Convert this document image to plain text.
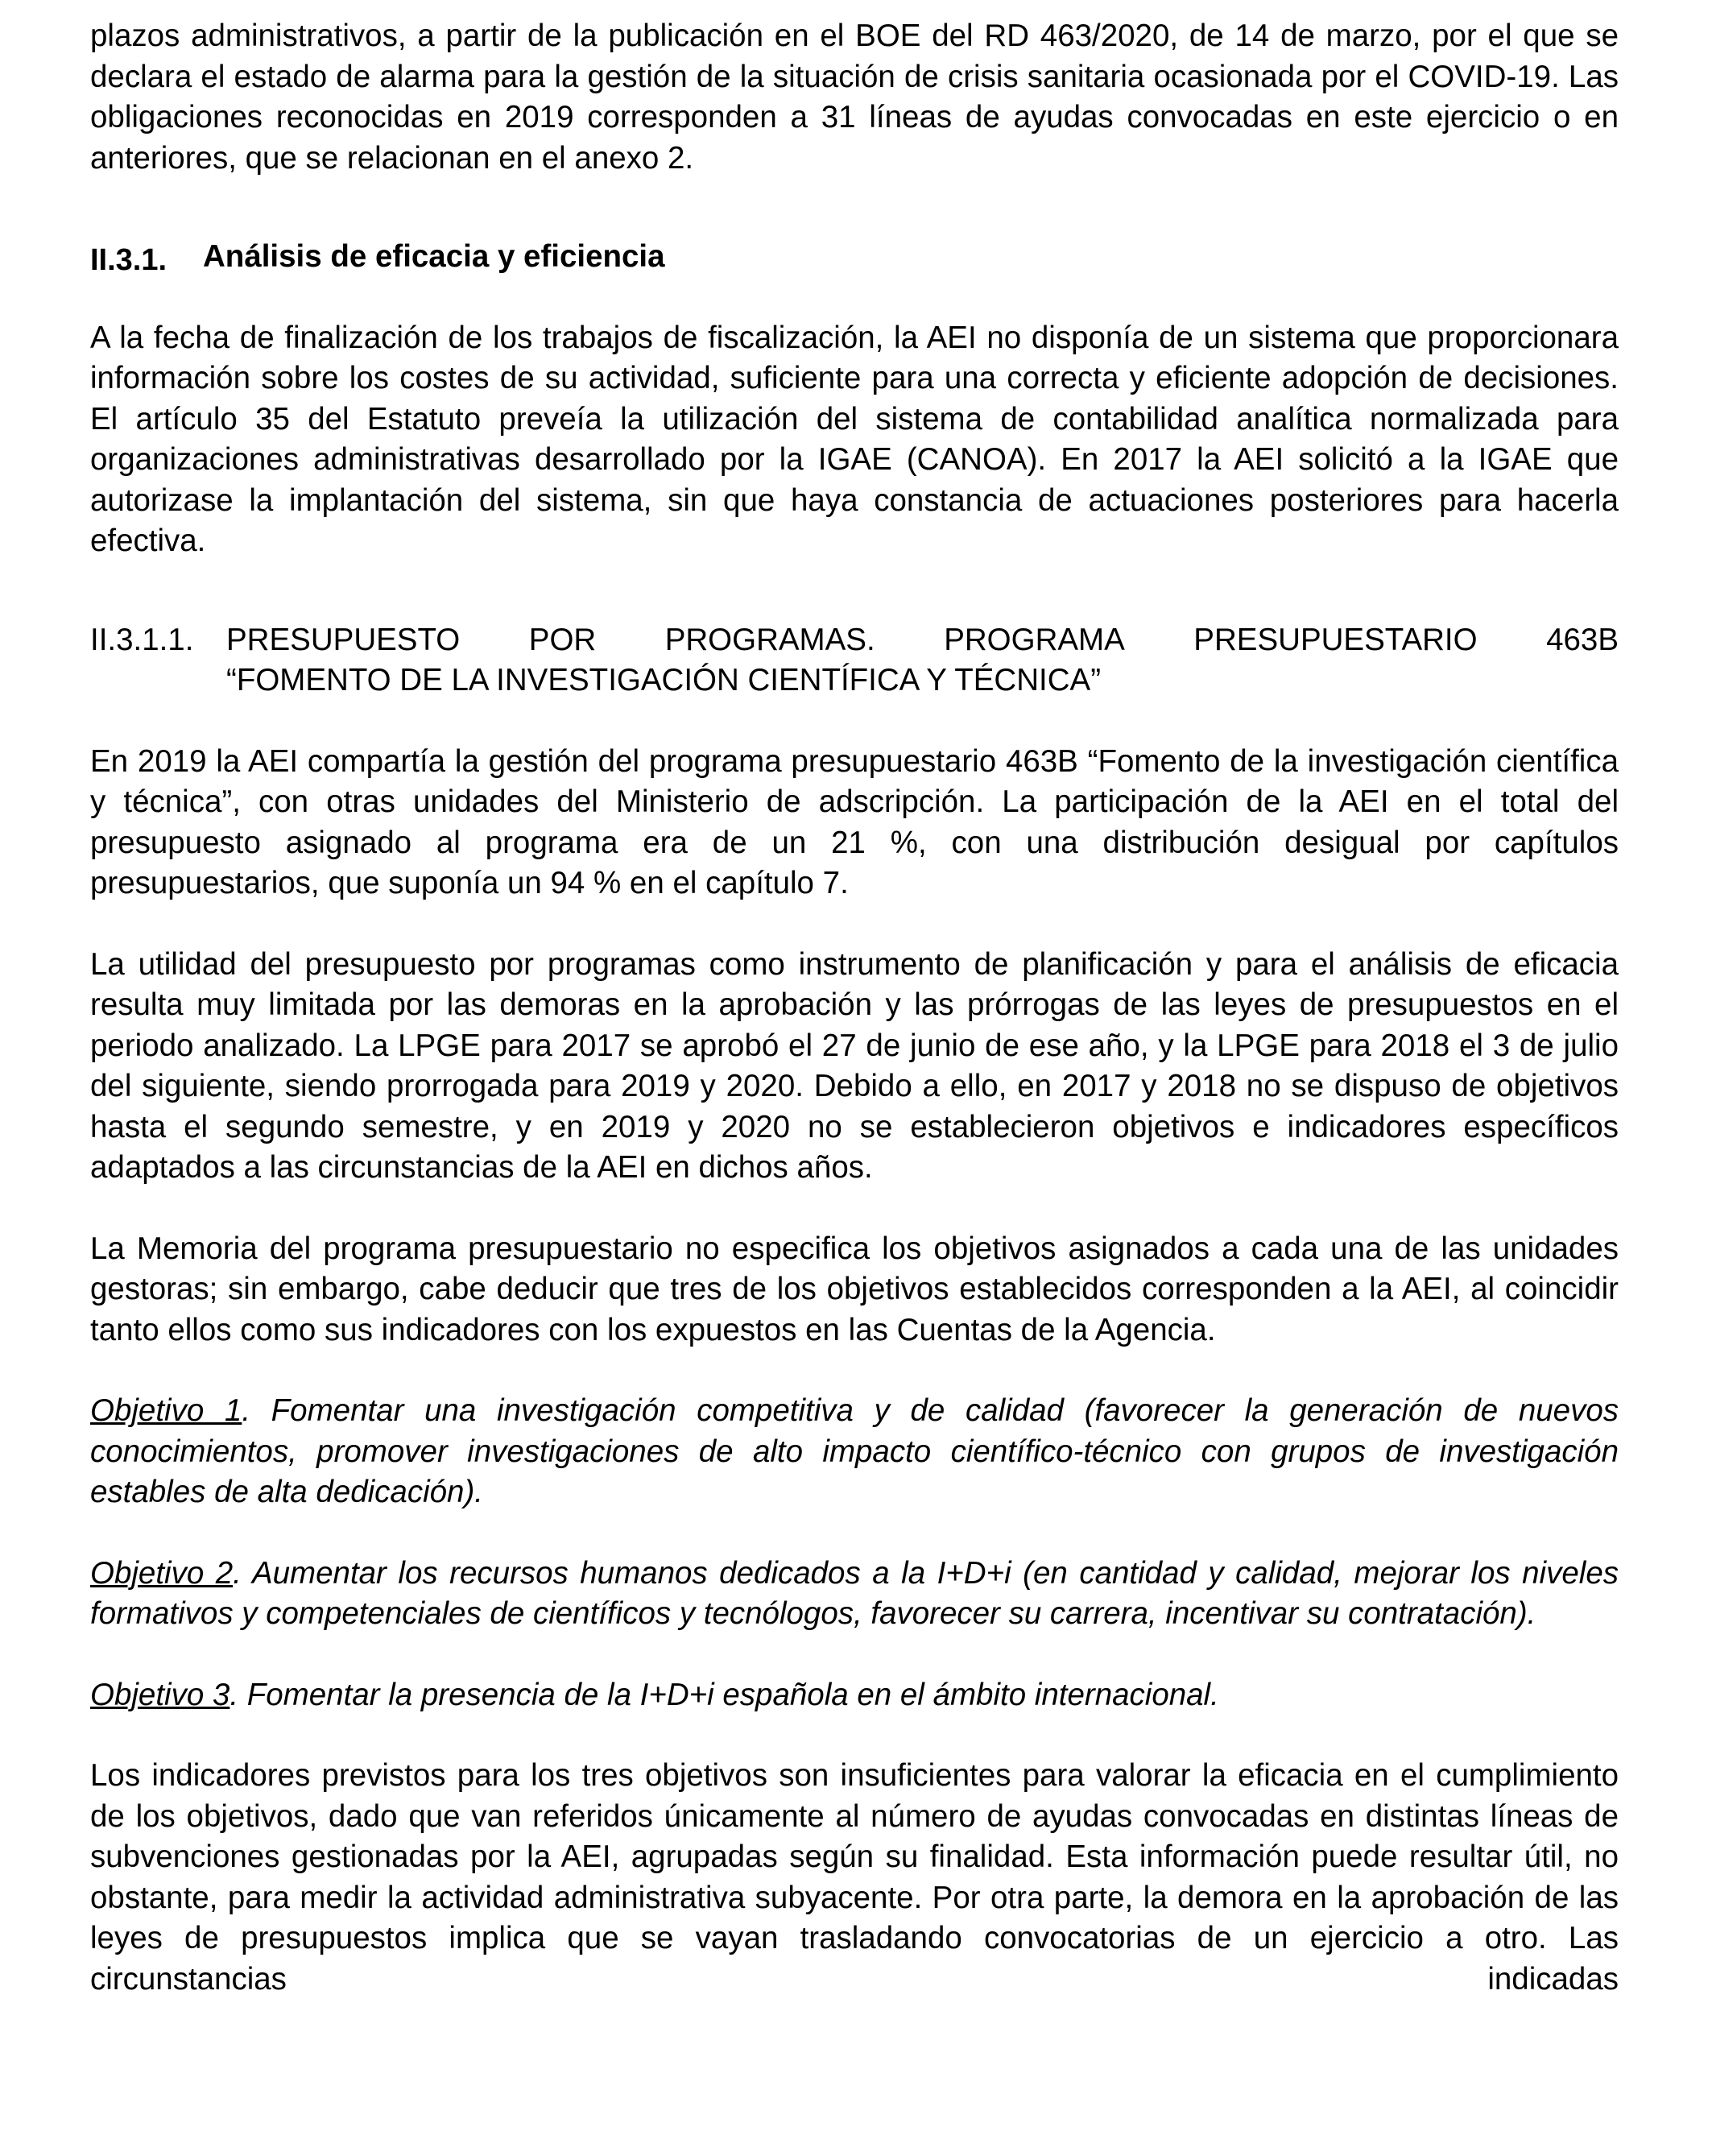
plazos administrativos, a partir de la publicación en el BOE del RD 463/2020, de 14 de marzo, por el que se declara el estado de alarma para la gestión de la situación de crisis sanitaria ocasionada por el COVID-19. Las obligaciones reconocidas en 2019 corresponden a 31 líneas de ayudas convocadas en este ejercicio o en anteriores, que se relacionan en el anexo 2.

II.3.1.	Análisis de eficacia y eficiencia

A la fecha de finalización de los trabajos de fiscalización, la AEI no disponía de un sistema que proporcionara información sobre los costes de su actividad, suficiente para una correcta y eficiente adopción de decisiones. El artículo 35 del Estatuto preveía la utilización del sistema de contabilidad analítica normalizada para organizaciones administrativas desarrollado por la IGAE (CANOA). En 2017 la AEI solicitó a la IGAE que autorizase la implantación del sistema, sin que haya constancia de actuaciones posteriores para hacerla efectiva.

II.3.1.1.	PRESUPUESTO POR PROGRAMAS. PROGRAMA PRESUPUESTARIO 463B
“FOMENTO DE LA INVESTIGACIÓN CIENTÍFICA Y TÉCNICA”

En 2019 la AEI compartía la gestión del programa presupuestario 463B “Fomento de la investigación científica y técnica”, con otras unidades del Ministerio de adscripción. La participación de la AEI en el total del presupuesto asignado al programa era de un 21 %, con una distribución desigual por capítulos presupuestarios, que suponía un 94 % en el capítulo 7.

La utilidad del presupuesto por programas como instrumento de planificación y para el análisis de eficacia resulta muy limitada por las demoras en la aprobación y las prórrogas de las leyes de presupuestos en el periodo analizado. La LPGE para 2017 se aprobó el 27 de junio de ese año, y la LPGE para 2018 el 3 de julio del siguiente, siendo prorrogada para 2019 y 2020. Debido a ello, en 2017 y 2018 no se dispuso de objetivos hasta el segundo semestre, y en 2019 y 2020 no se establecieron objetivos e indicadores específicos adaptados a las circunstancias de la AEI en dichos años.

La Memoria del programa presupuestario no especifica los objetivos asignados a cada una de las unidades gestoras; sin embargo, cabe deducir que tres de los objetivos establecidos corresponden a la AEI, al coincidir tanto ellos como sus indicadores con los expuestos en las Cuentas de la Agencia.

Objetivo 1. Fomentar una investigación competitiva y de calidad (favorecer la generación de nuevos conocimientos, promover investigaciones de alto impacto científico-técnico con grupos de investigación estables de alta dedicación).

Objetivo 2. Aumentar los recursos humanos dedicados a la I+D+i (en cantidad y calidad, mejorar los niveles formativos y competenciales de científicos y tecnólogos, favorecer su carrera, incentivar su contratación).

Objetivo 3. Fomentar la presencia de la I+D+i española en el ámbito internacional.

Los indicadores previstos para los tres objetivos son insuficientes para valorar la eficacia en el cumplimiento de los objetivos, dado que van referidos únicamente al número de ayudas convocadas en distintas líneas de subvenciones gestionadas por la AEI, agrupadas según su finalidad. Esta información puede resultar útil, no obstante, para medir la actividad administrativa subyacente. Por otra parte, la demora en la aprobación de las leyes de presupuestos implica que se vayan trasladando convocatorias de un ejercicio a otro. Las circunstancias indicadas
